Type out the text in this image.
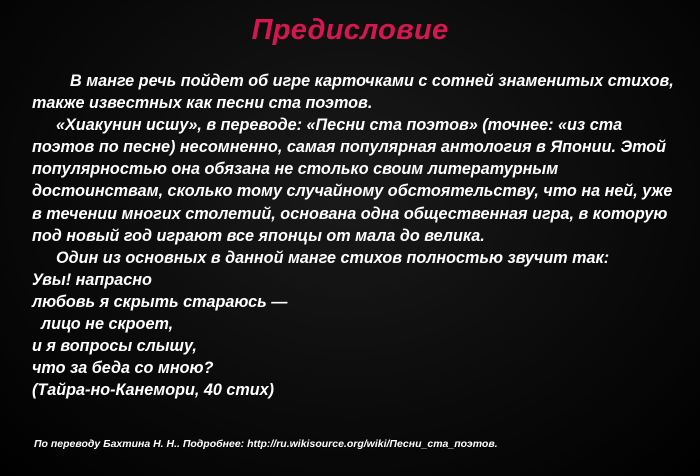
Предисловие

В манге речь пойдет об игре карточками с сотней знаменитых стихов, также известных как песни ста поэтов.

«Хиакунин исшу», в переводе: «Песни ста поэтов» (точнее: «из ста поэтов по песне) несомненно, самая популярная антология в Японии. Этой популярностью она обязана не столько своим литературным достоинствам, сколько тому случайному обстоятельству, что на ней, уже в течении многих столетий, основана одна общественная игра, в которую под новый год играют все японцы от мала до велика.

Один из основных в данной манге стихов полностью звучит так:

Увы! напрасно

любовь я скрыть стараюсь —

лицо не скроет,

и я вопросы слышу,

что за беда со мною?

(Тайра-но-Канемори, 40 стих)

По переводу Бахтина Н. Н.. Подробнее: http://ru.wikisource.org/wiki/Песни_ста_поэтов.
